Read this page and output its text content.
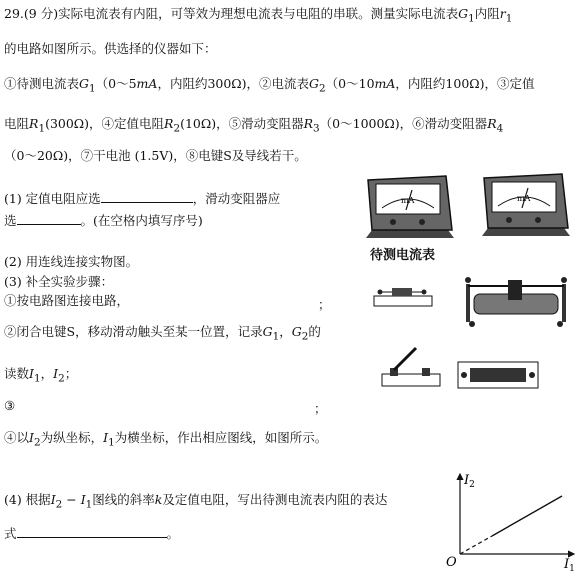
29.(9 分)实际电流表有内阻，可等效为理想电流表与电阻的串联。测量实际电流表$G_1$内阻$r_1$
的电路如图所示。供选择的仪器如下：
①待测电流表$G_1(0\sim 5mA$，内阻约300Ω)，②电流表$G_2(0\sim 10mA$，内阻约100Ω)，③定值
电阻$R_1(300\Omega)$，④定值电阻$R_2(10\Omega)$，⑤滑动变阻器$R_3(0\sim 1000\Omega)$，⑥滑动变阻器$R_4$
（0～20Ω)，⑦干电池 (1.5V)，⑧电键S及导线若干。
(1) 定值电阻应选	，滑动变阻器应
选	。(在空格内填写序号)
(2) 用连线连接实物图。
(3) 补全实验步骤：
①按电路图连接电路，	；
②闭合电键S，移动滑动触头至某一位置，记录$G_1$，$G_2$的
读数$I_1$，$I_2$；
③	；
④以$I_2$为纵坐标，$I_1$为横坐标，作出相应图线，如图所示。
(4) 根据$I_2 - I_1$图线的斜率k及定值电阻，写出待测电流表内阻的表达
式	。
mA
待测电流表
mA
$I_2$
$I_1$
O
